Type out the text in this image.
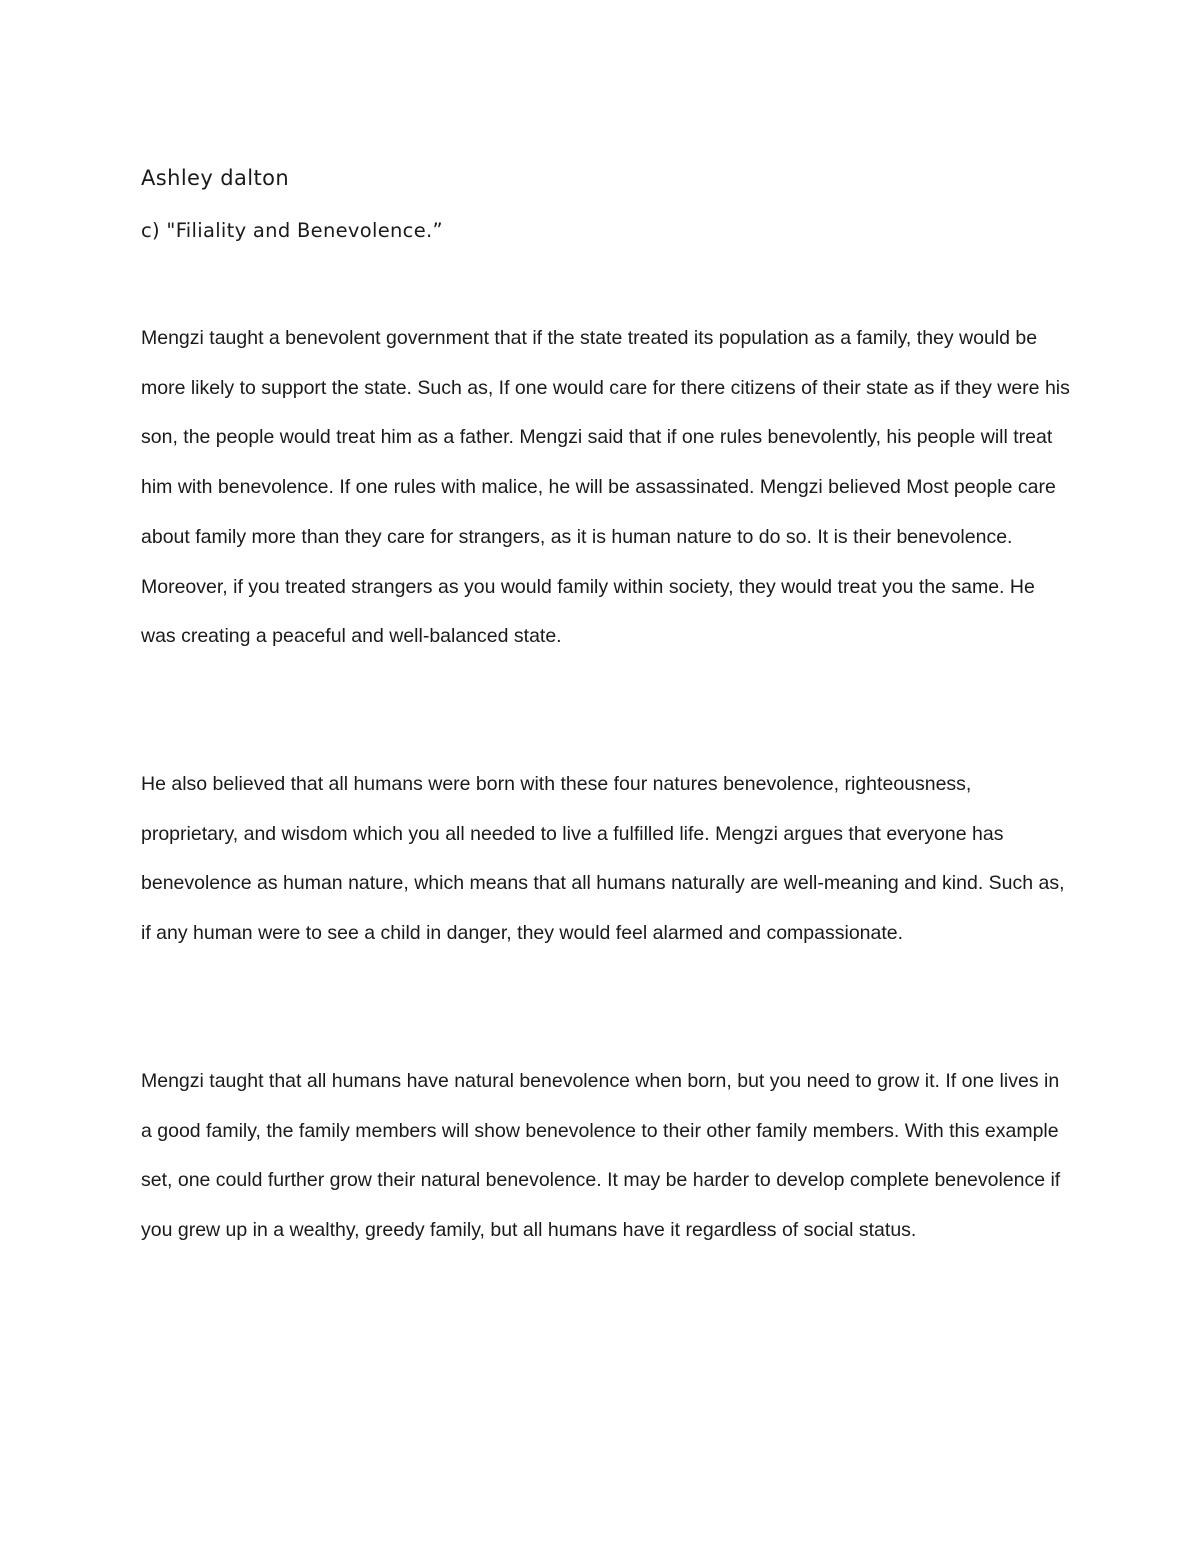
Ashley dalton

c) "Filiality and Benevolence.”

Mengzi taught a benevolent government that if the state treated its population as a family, they would be more likely to support the state. Such as, If one would care for there citizens of their state as if they were his son, the people would treat him as a father. Mengzi said that if one rules benevolently, his people will treat him with benevolence. If one rules with malice, he will be assassinated. Mengzi believed Most people care about family more than they care for strangers, as it is human nature to do so. It is their benevolence. Moreover, if you treated strangers as you would family within society, they would treat you the same. He was creating a peaceful and well-balanced state.

He also believed that all humans were born with these four natures benevolence, righteousness, proprietary, and wisdom which you all needed to live a fulfilled life. Mengzi argues that everyone has benevolence as human nature, which means that all humans naturally are well-meaning and kind. Such as, if any human were to see a child in danger, they would feel alarmed and compassionate.

Mengzi taught that all humans have natural benevolence when born, but you need to grow it. If one lives in a good family, the family members will show benevolence to their other family members. With this example set, one could further grow their natural benevolence. It may be harder to develop complete benevolence if you grew up in a wealthy, greedy family, but all humans have it regardless of social status.
